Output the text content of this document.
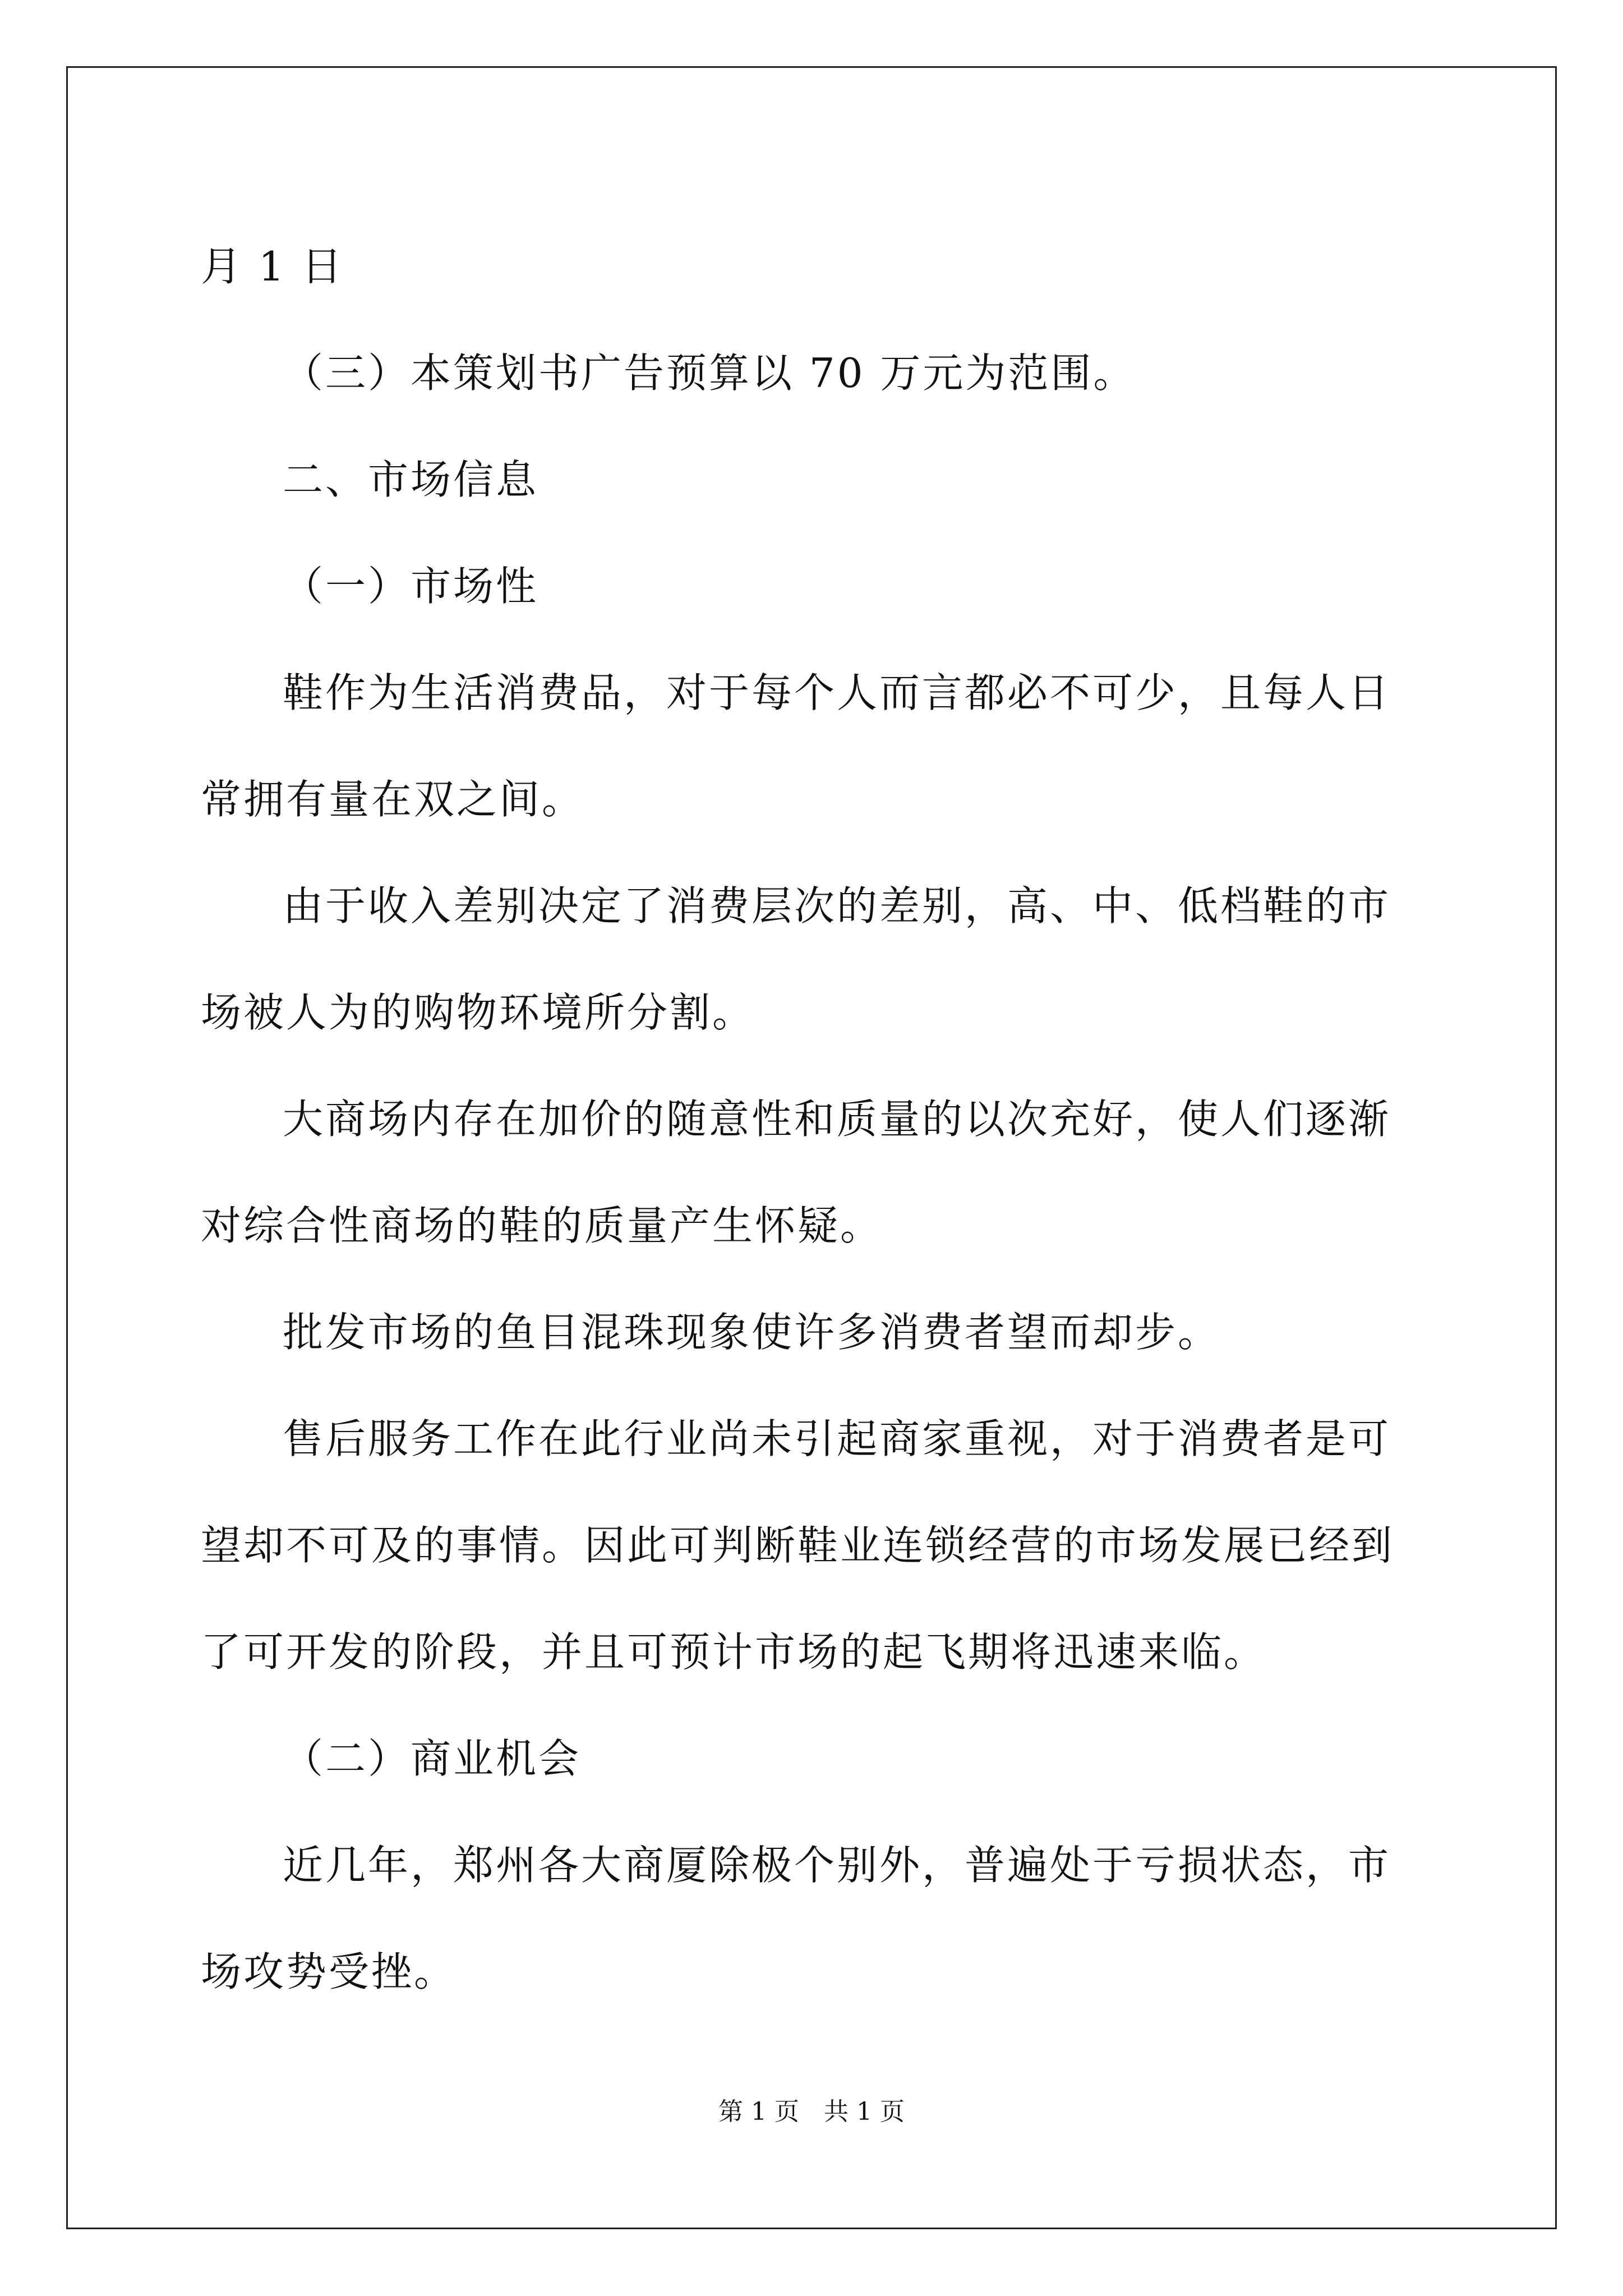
月 1 日

（三）本策划书广告预算以 70 万元为范围。

二、市场信息

（一）市场性

鞋作为生活消费品，对于每个人而言都必不可少，且每人日常拥有量在双之间。

由于收入差别决定了消费层次的差别，高、中、低档鞋的市场被人为的购物环境所分割。

大商场内存在加价的随意性和质量的以次充好，使人们逐渐对综合性商场的鞋的质量产生怀疑。

批发市场的鱼目混珠现象使许多消费者望而却步。

售后服务工作在此行业尚未引起商家重视，对于消费者是可望却不可及的事情。因此可判断鞋业连锁经营的市场发展已经到了可开发的阶段，并且可预计市场的起飞期将迅速来临。

（二）商业机会

近几年，郑州各大商厦除极个别外，普遍处于亏损状态，市场攻势受挫。

第 1 页　共 1 页
